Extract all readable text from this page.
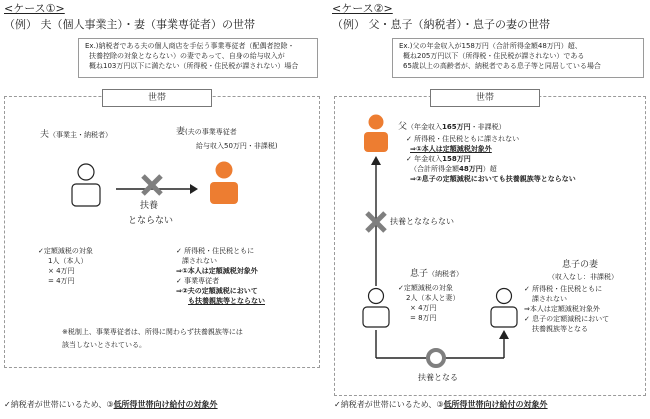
<ケース①>
（例） 夫（個人事業主）・妻（事業専従者）の世帯
Ex.)納税者である夫の個人商店を手伝う事業専従者（配偶者控除・
扶養控除の対象とならない）の妻であって、自身の給与収入が
概ね103万円以下に満たない（所得税・住民税が課されない）場合
世帯
夫（事業主・納税者）
扶養
とならない
妻(夫の事業専従者
給与収入50万円・非課税)
✓定額減税の対象
1人（本人）
× 4万円
= 4万円
✓ 所得税・住民税ともに
課されない
⇒①本人は定額減税対象外
✓ 事業専従者
⇒②夫の定額減税において
も扶養親族等とならない
※税制上、事業専従者は、所得に関わらず扶養親族等には
該当しないとされている。
✓納税者が世帯にいるため、③低所得世帯向け給付の対象外
<ケース②>
（例） 父・息子（納税者）・息子の妻の世帯
Ex.)父の年金収入が158万円（合計所得金額48万円）超、
概ね205万円以下（所得税・住民税が課されない）である
65歳以上の高齢者が、納税者である息子等と同居している場合
世帯
父（年金収入165万円・非課税）
✓ 所得税・住民税ともに課されない
⇒①本人は定額減税対象外
✓ 年金収入158万円
（合計所得金額48万円）超
⇒②息子の定額減税においても扶養親族等とならない
扶養となならない
息子（納税者）
✓定額減税の対象
2人（本人と妻）
× 4万円
= 8万円
息子の妻
（収入なし：非課税）
✓ 所得税・住民税ともに
課されない
⇒本人は定額減税対象外
✓ 息子の定額減税において
扶養親族等となる
扶養となる
✓納税者が世帯にいるため、③低所得世帯向け給付の対象外
